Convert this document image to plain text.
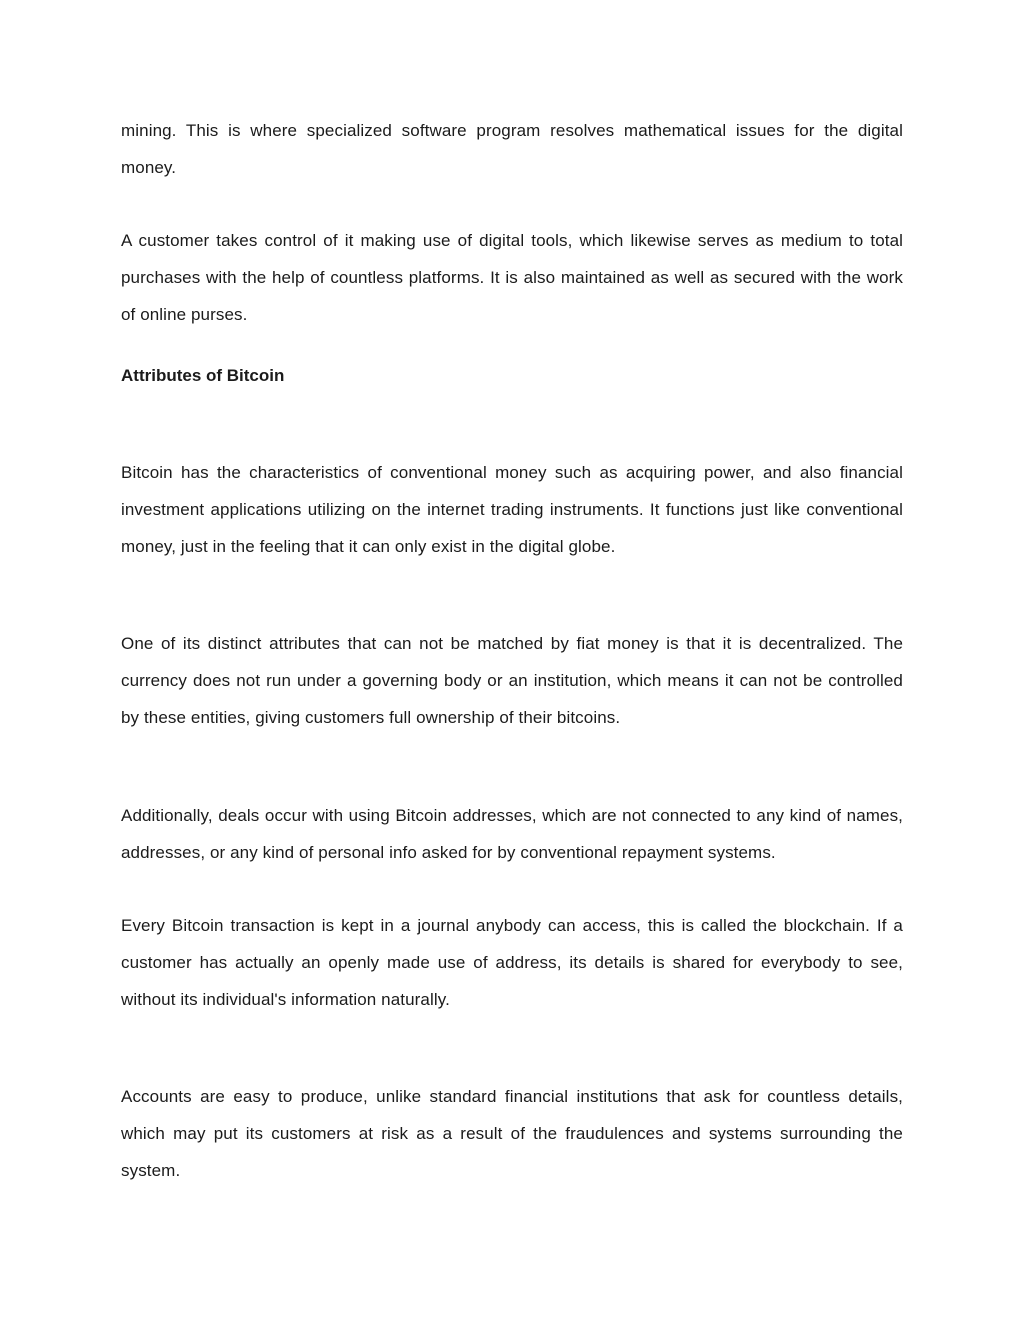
mining. This is where specialized software program resolves mathematical issues for the digital money.

A customer takes control of it making use of digital tools, which likewise serves as medium to total purchases with the help of countless platforms. It is also maintained as well as secured with the work of online purses.

Attributes of Bitcoin

Bitcoin has the characteristics of conventional money such as acquiring power, and also financial investment applications utilizing on the internet trading instruments. It functions just like conventional money, just in the feeling that it can only exist in the digital globe.

One of its distinct attributes that can not be matched by fiat money is that it is decentralized. The currency does not run under a governing body or an institution, which means it can not be controlled by these entities, giving customers full ownership of their bitcoins.

Additionally, deals occur with using Bitcoin addresses, which are not connected to any kind of names, addresses, or any kind of personal info asked for by conventional repayment systems.

Every Bitcoin transaction is kept in a journal anybody can access, this is called the blockchain. If a customer has actually an openly made use of address, its details is shared for everybody to see, without its individual's information naturally.

Accounts are easy to produce, unlike standard financial institutions that ask for countless details, which may put its customers at risk as a result of the fraudulences and systems surrounding the system.
